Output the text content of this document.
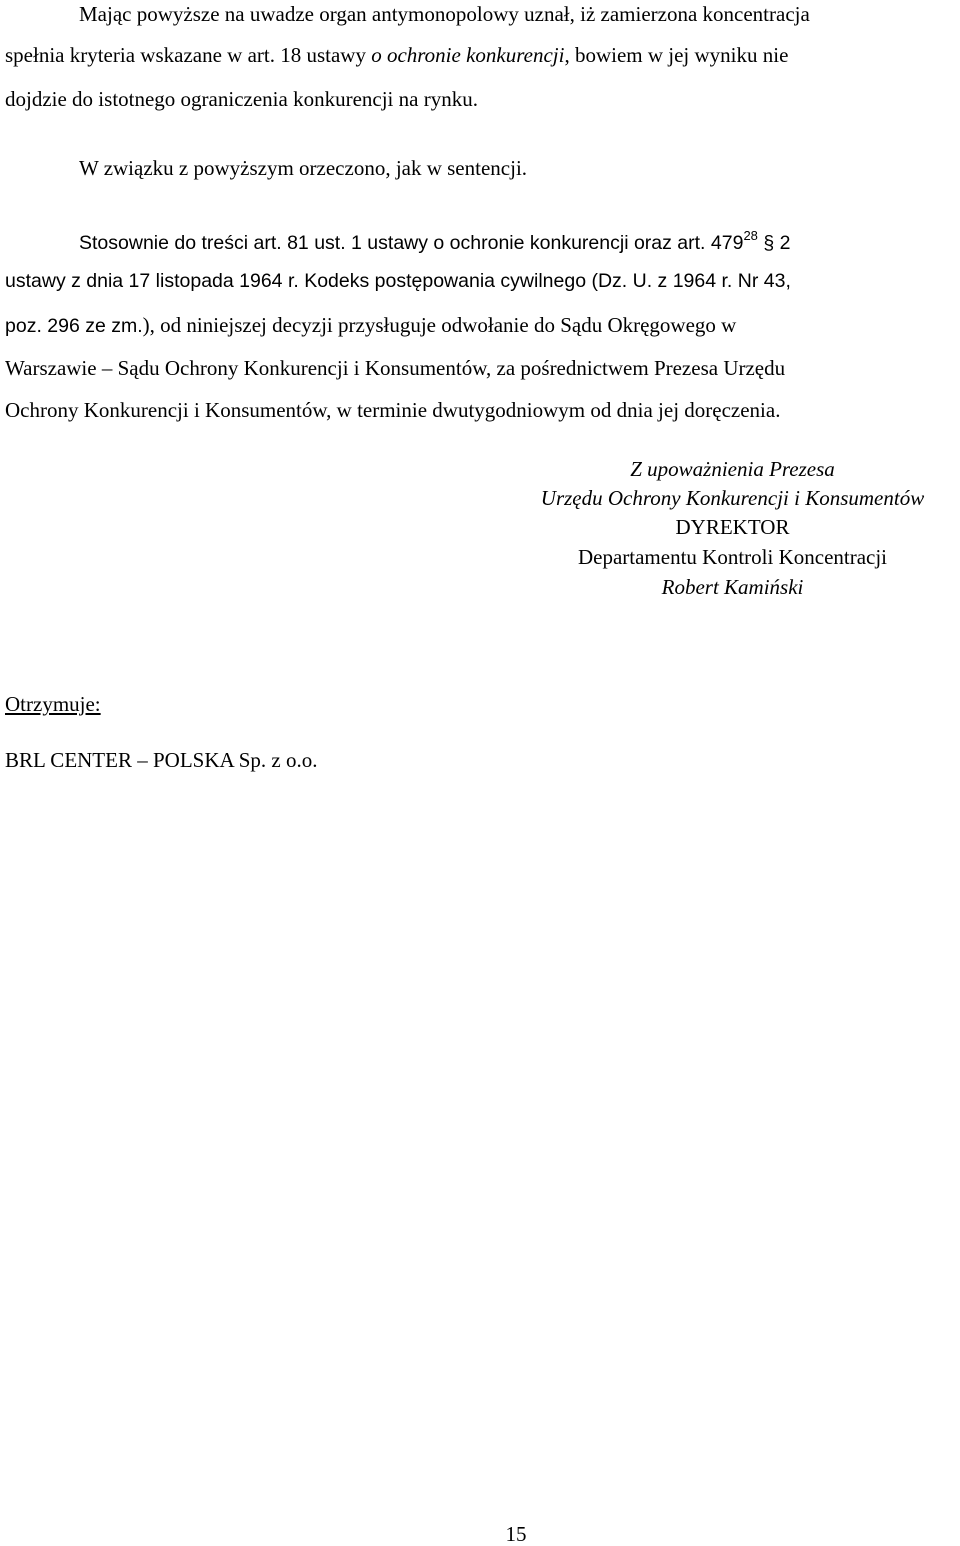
Mając powyższe na uwadze organ antymonopolowy uznał, iż zamierzona koncentracja
spełnia kryteria wskazane w art. 18 ustawy o ochronie konkurencji, bowiem w jej wyniku nie
dojdzie do istotnego ograniczenia konkurencji na rynku.
W związku z powyższym orzeczono, jak w sentencji.
Stosownie do treści art. 81 ust. 1 ustawy o ochronie konkurencji oraz art. $479^{28}$ § 2
ustawy z dnia 17 listopada 1964 r. Kodeks postępowania cywilnego (Dz. U. z 1964 r. Nr 43,
poz. 296 ze zm.), od niniejszej decyzji przysługuje odwołanie do Sądu Okręgowego w
Warszawie – Sądu Ochrony Konkurencji i Konsumentów, za pośrednictwem Prezesa Urzędu
Ochrony Konkurencji i Konsumentów, w terminie dwutygodniowym od dnia jej doręczenia.
Z upoważnienia Prezesa
Urzędu Ochrony Konkurencji i Konsumentów
DYREKTOR
Departamentu Kontroli Koncentracji
Robert Kamiński
Otrzymuje:
BRL CENTER – POLSKA Sp. z o.o.
15
